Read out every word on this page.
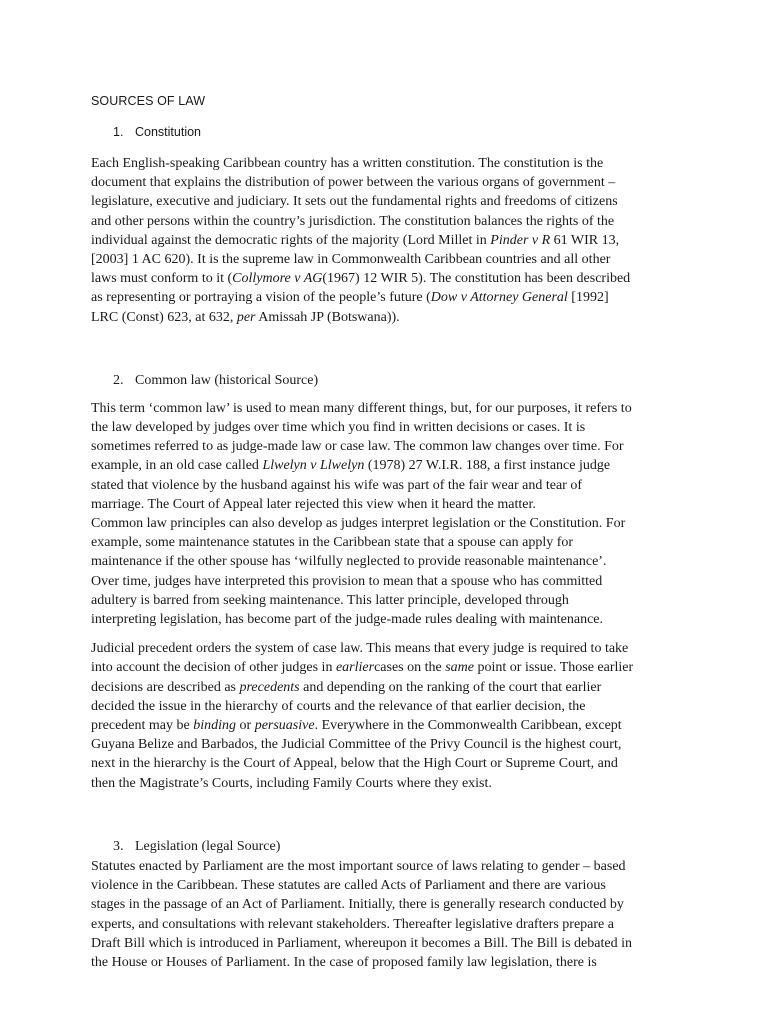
SOURCES OF LAW
1. Constitution
Each English-speaking Caribbean country has a written constitution. The constitution is the
document that explains the distribution of power between the various organs of government –
legislature, executive and judiciary. It sets out the fundamental rights and freedoms of citizens
and other persons within the country’s jurisdiction. The constitution balances the rights of the
individual against the democratic rights of the majority (Lord Millet in Pinder v R 61 WIR 13,
[2003] 1 AC 620). It is the supreme law in Commonwealth Caribbean countries and all other
laws must conform to it (Collymore v AG(1967) 12 WIR 5). The constitution has been described
as representing or portraying a vision of the people’s future (Dow v Attorney General [1992]
LRC (Const) 623, at 632, per Amissah JP (Botswana)).
2. Common law (historical Source)
This term ‘common law’ is used to mean many different things, but, for our purposes, it refers to
the law developed by judges over time which you find in written decisions or cases. It is
sometimes referred to as judge-made law or case law. The common law changes over time. For
example, in an old case called Llwelyn v Llwelyn (1978) 27 W.I.R. 188, a first instance judge
stated that violence by the husband against his wife was part of the fair wear and tear of
marriage. The Court of Appeal later rejected this view when it heard the matter.
Common law principles can also develop as judges interpret legislation or the Constitution. For
example, some maintenance statutes in the Caribbean state that a spouse can apply for
maintenance if the other spouse has ‘wilfully neglected to provide reasonable maintenance’.
Over time, judges have interpreted this provision to mean that a spouse who has committed
adultery is barred from seeking maintenance. This latter principle, developed through
interpreting legislation, has become part of the judge-made rules dealing with maintenance.
Judicial precedent orders the system of case law. This means that every judge is required to take
into account the decision of other judges in earliercases on the same point or issue. Those earlier
decisions are described as precedents and depending on the ranking of the court that earlier
decided the issue in the hierarchy of courts and the relevance of that earlier decision, the
precedent may be binding or persuasive. Everywhere in the Commonwealth Caribbean, except
Guyana Belize and Barbados, the Judicial Committee of the Privy Council is the highest court,
next in the hierarchy is the Court of Appeal, below that the High Court or Supreme Court, and
then the Magistrate’s Courts, including Family Courts where they exist.
3. Legislation (legal Source)
Statutes enacted by Parliament are the most important source of laws relating to gender – based
violence in the Caribbean. These statutes are called Acts of Parliament and there are various
stages in the passage of an Act of Parliament. Initially, there is generally research conducted by
experts, and consultations with relevant stakeholders. Thereafter legislative drafters prepare a
Draft Bill which is introduced in Parliament, whereupon it becomes a Bill. The Bill is debated in
the House or Houses of Parliament. In the case of proposed family law legislation, there is
